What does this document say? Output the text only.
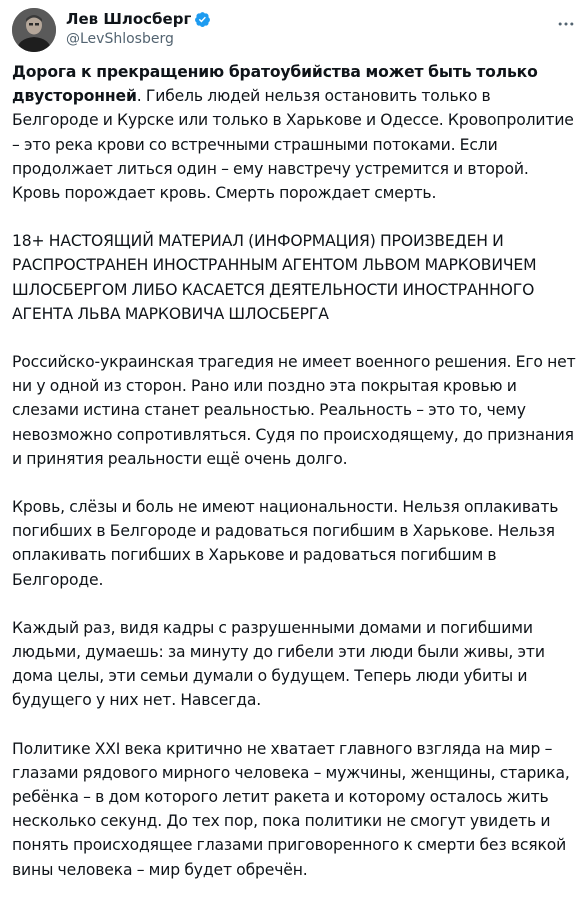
Лев Шлосберг
@LevShlosberg

Дорога к прекращению братоубийства может быть только двусторонней. Гибель людей нельзя остановить только в Белгороде и Курске или только в Харькове и Одессе. Кровопролитие – это река крови со встречными страшными потоками. Если продолжает литься один – ему навстречу устремится и второй. Кровь порождает кровь. Смерть порождает смерть.

18+ НАСТОЯЩИЙ МАТЕРИАЛ (ИНФОРМАЦИЯ) ПРОИЗВЕДЕН И РАСПРОСТРАНЕН ИНОСТРАННЫМ АГЕНТОМ ЛЬВОМ МАРКОВИЧЕМ ШЛОСБЕРГОМ ЛИБО КАСАЕТСЯ ДЕЯТЕЛЬНОСТИ ИНОСТРАННОГО АГЕНТА ЛЬВА МАРКОВИЧА ШЛОСБЕРГА

Российско-украинская трагедия не имеет военного решения. Его нет ни у одной из сторон. Рано или поздно эта покрытая кровью и слезами истина станет реальностью. Реальность – это то, чему невозможно сопротивляться. Судя по происходящему, до признания и принятия реальности ещё очень долго.

Кровь, слёзы и боль не имеют национальности. Нельзя оплакивать погибших в Белгороде и радоваться погибшим в Харькове. Нельзя оплакивать погибших в Харькове и радоваться погибшим в Белгороде.

Каждый раз, видя кадры с разрушенными домами и погибшими людьми, думаешь: за минуту до гибели эти люди были живы, эти дома целы, эти семьи думали о будущем. Теперь люди убиты и будущего у них нет. Навсегда.

Политике XXI века критично не хватает главного взгляда на мир – глазами рядового мирного человека – мужчины, женщины, старика, ребёнка – в дом которого летит ракета и которому осталось жить несколько секунд. До тех пор, пока политики не смогут увидеть и понять происходящее глазами приговоренного к смерти без всякой вины человека – мир будет обречён.
